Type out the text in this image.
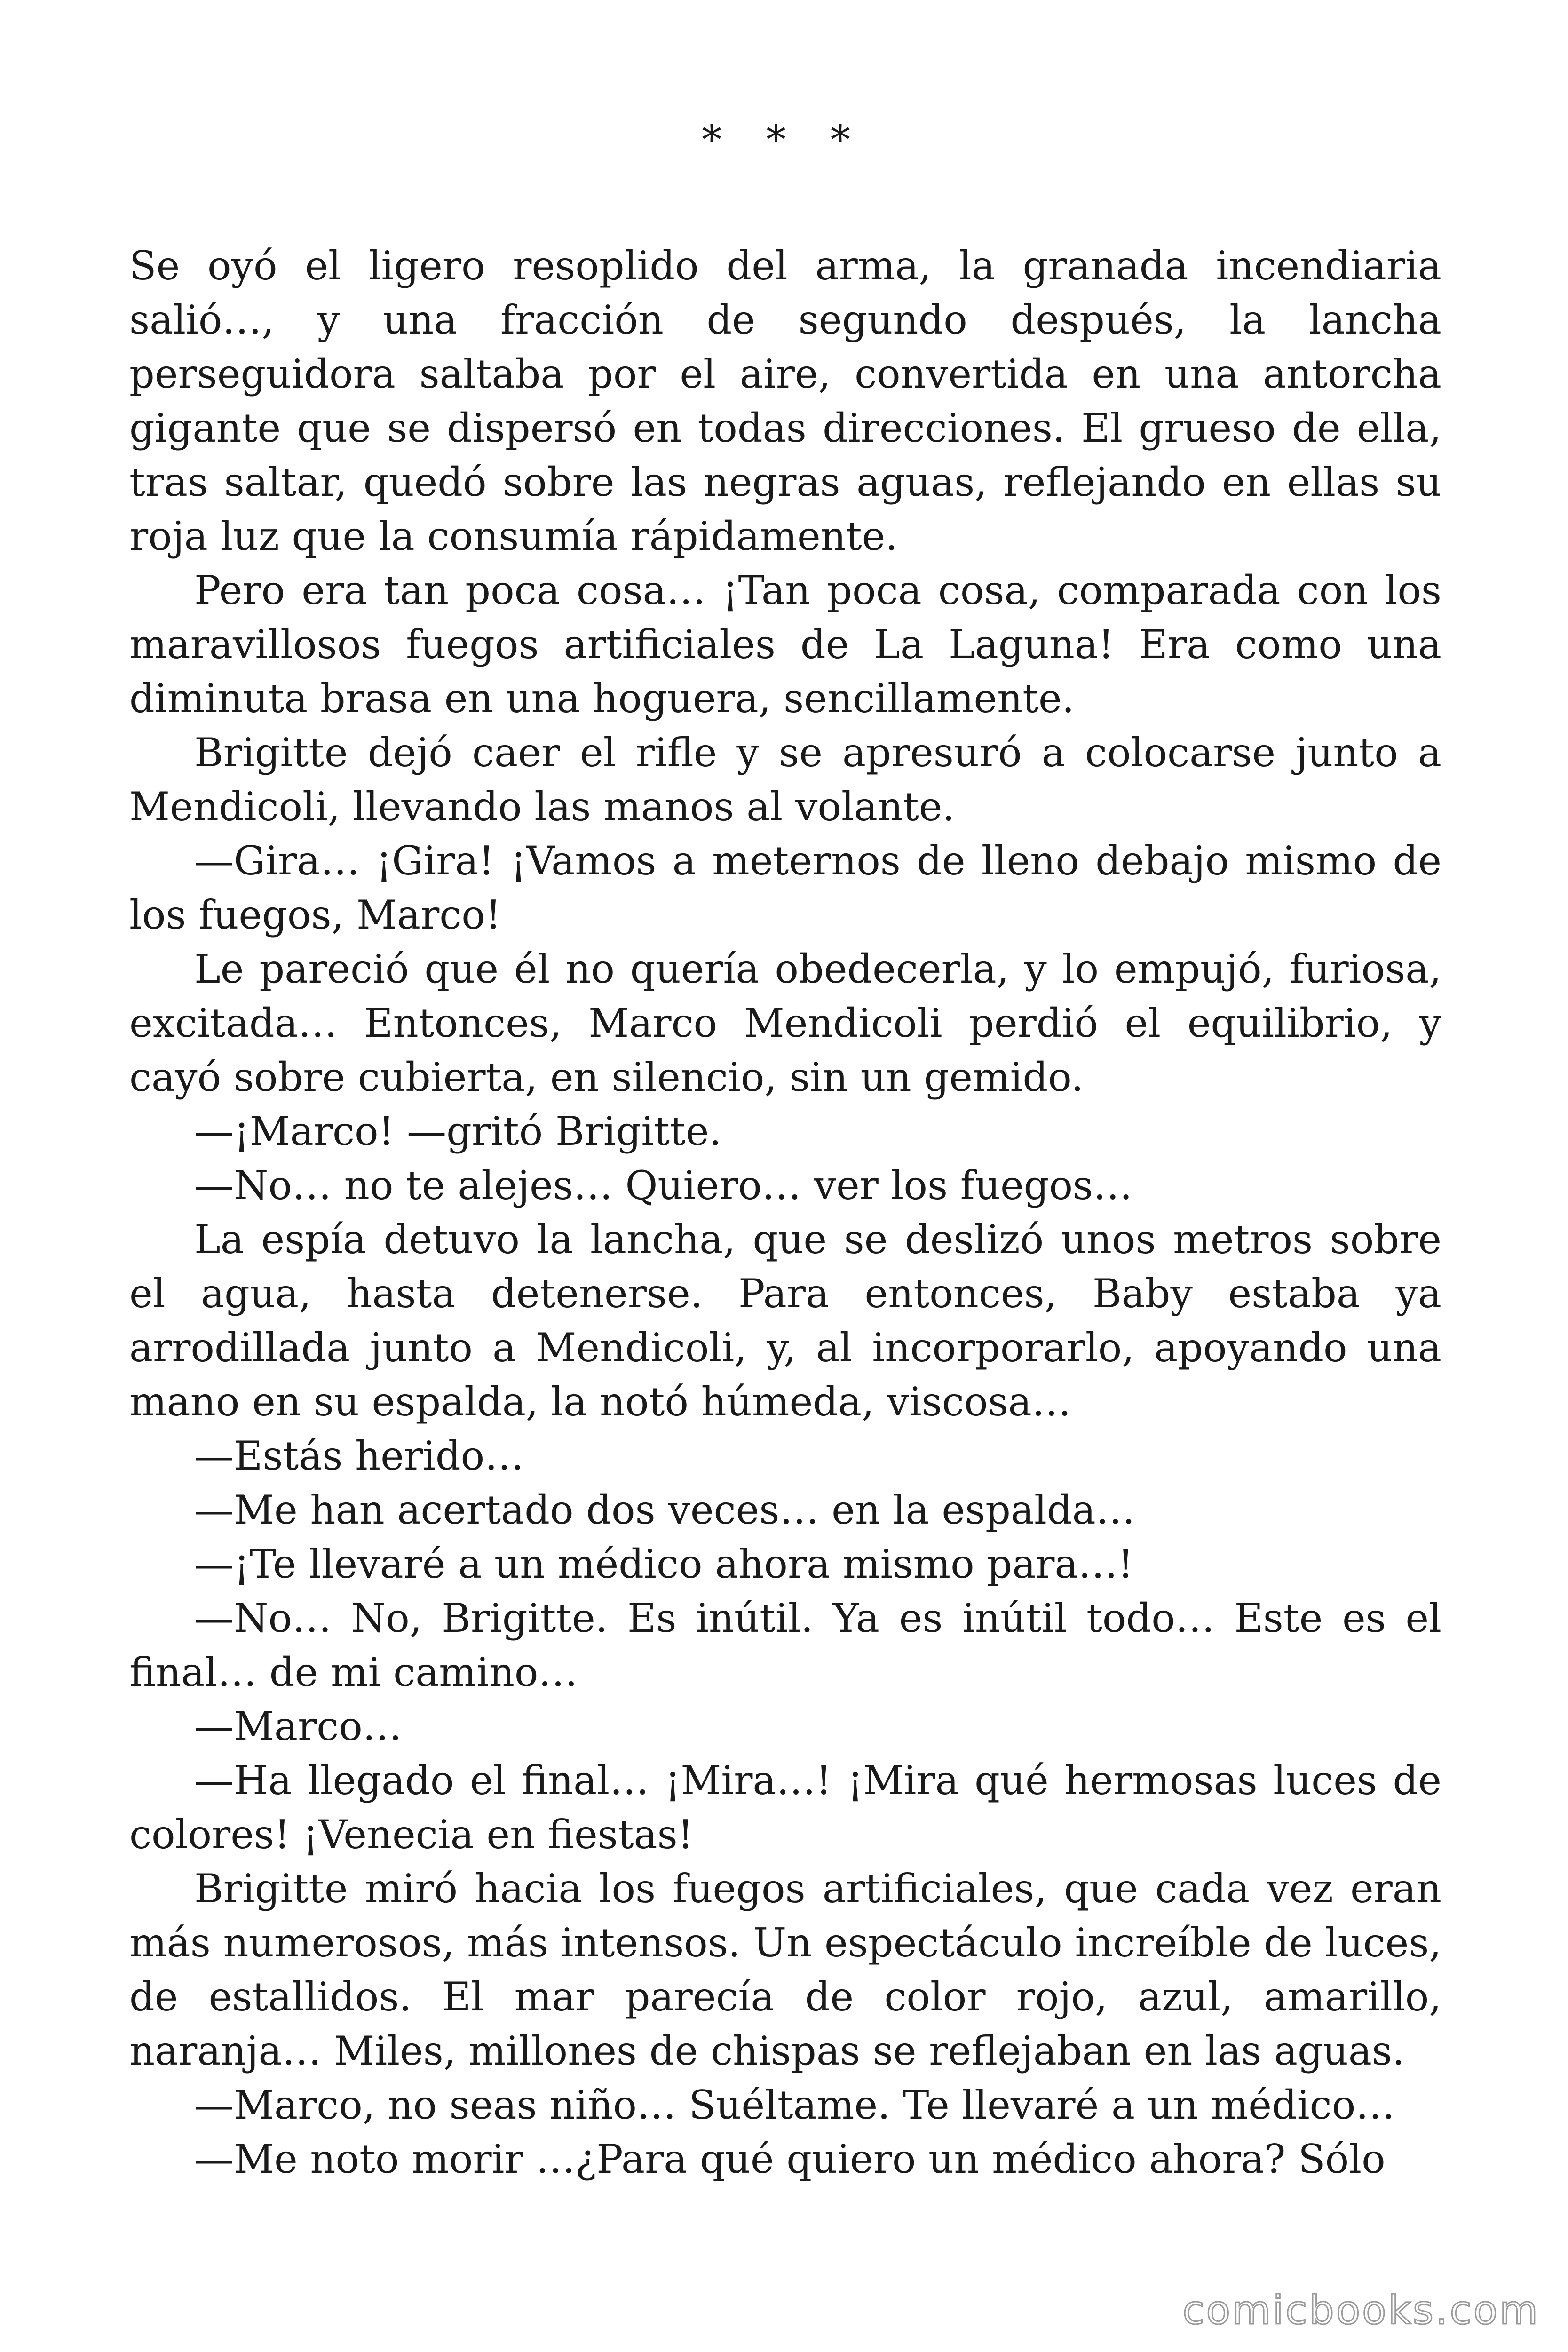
* * *

Se oyó el ligero resoplido del arma, la granada incendiaria salió…, y una fracción de segundo después, la lancha perseguidora saltaba por el aire, convertida en una antorcha gigante que se dispersó en todas direcciones. El grueso de ella, tras saltar, quedó sobre las negras aguas, reflejando en ellas su roja luz que la consumía rápidamente.

Pero era tan poca cosa… ¡Tan poca cosa, comparada con los maravillosos fuegos artificiales de La Laguna! Era como una diminuta brasa en una hoguera, sencillamente.

Brigitte dejó caer el rifle y se apresuró a colocarse junto a Mendicoli, llevando las manos al volante.

—Gira… ¡Gira! ¡Vamos a meternos de lleno debajo mismo de los fuegos, Marco!

Le pareció que él no quería obedecerla, y lo empujó, furiosa, excitada… Entonces, Marco Mendicoli perdió el equilibrio, y cayó sobre cubierta, en silencio, sin un gemido.

—¡Marco! —gritó Brigitte.

—No… no te alejes… Quiero… ver los fuegos…

La espía detuvo la lancha, que se deslizó unos metros sobre el agua, hasta detenerse. Para entonces, Baby estaba ya arrodillada junto a Mendicoli, y, al incorporarlo, apoyando una mano en su espalda, la notó húmeda, viscosa…

—Estás herido…

—Me han acertado dos veces… en la espalda…

—¡Te llevaré a un médico ahora mismo para…!

—No… No, Brigitte. Es inútil. Ya es inútil todo… Este es el final… de mi camino…

—Marco…

—Ha llegado el final… ¡Mira…! ¡Mira qué hermosas luces de colores! ¡Venecia en fiestas!

Brigitte miró hacia los fuegos artificiales, que cada vez eran más numerosos, más intensos. Un espectáculo increíble de luces, de estallidos. El mar parecía de color rojo, azul, amarillo, naranja… Miles, millones de chispas se reflejaban en las aguas.

—Marco, no seas niño… Suéltame. Te llevaré a un médico…

—Me noto morir …¿Para qué quiero un médico ahora? Sólo

comicbooks.com
